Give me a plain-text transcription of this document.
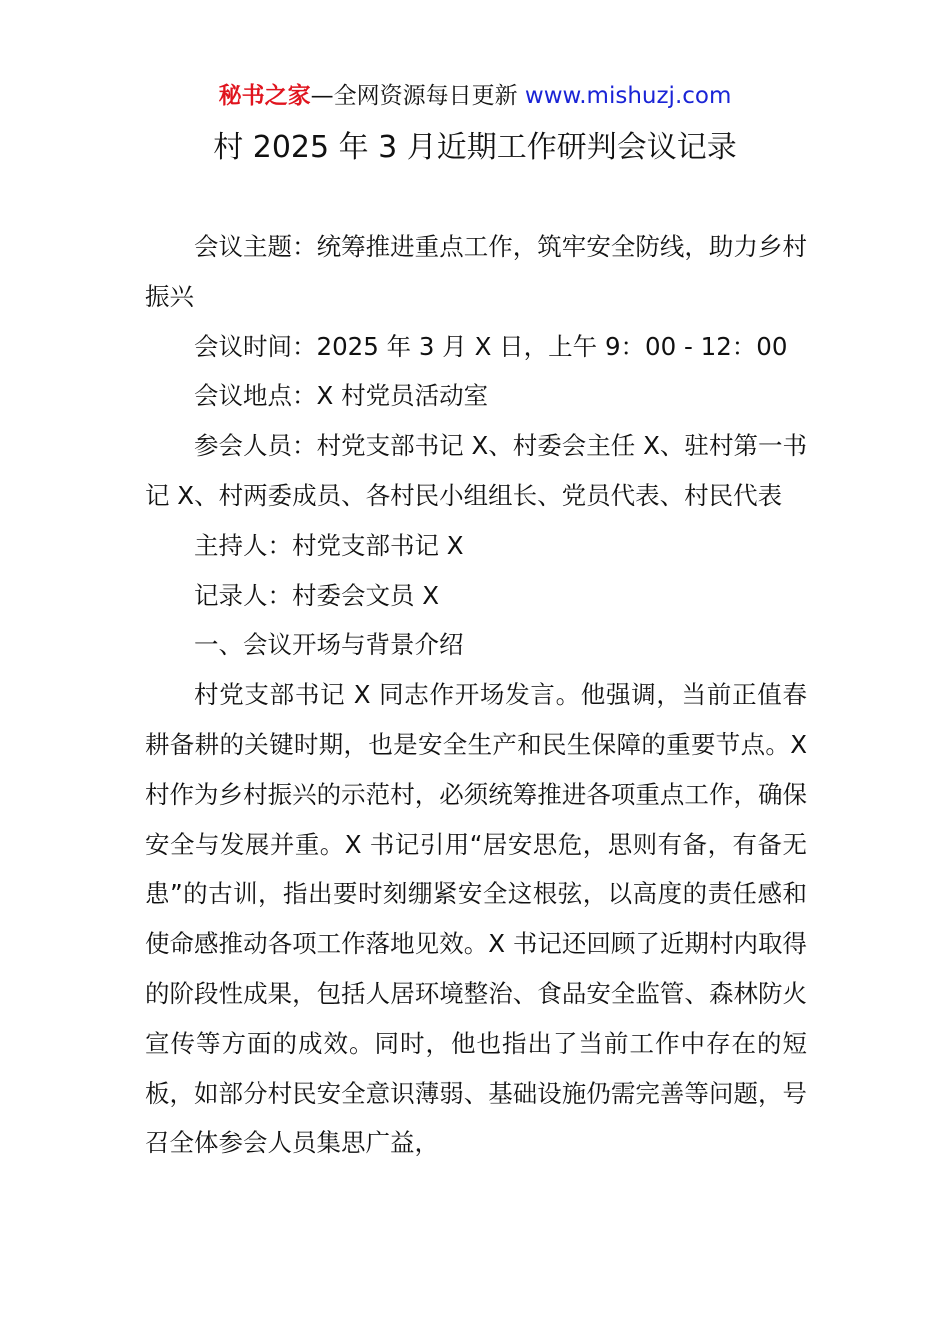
秘书之家—全网资源每日更新 www.mishuzj.com
村 2025 年 3 月近期工作研判会议记录

会议主题：统筹推进重点工作，筑牢安全防线，助力乡村振兴

会议时间：2025 年 3 月 X 日，上午 9：00 - 12：00

会议地点：X 村党员活动室

参会人员：村党支部书记 X、村委会主任 X、驻村第一书记 X、村两委成员、各村民小组组长、党员代表、村民代表

主持人：村党支部书记 X

记录人：村委会文员 X

一、会议开场与背景介绍

村党支部书记 X 同志作开场发言。他强调，当前正值春耕备耕的关键时期，也是安全生产和民生保障的重要节点。X 村作为乡村振兴的示范村，必须统筹推进各项重点工作，确保安全与发展并重。X 书记引用“居安思危，思则有备，有备无患”的古训，指出要时刻绷紧安全这根弦，以高度的责任感和使命感推动各项工作落地见效。X 书记还回顾了近期村内取得的阶段性成果，包括人居环境整治、食品安全监管、森林防火宣传等方面的成效。同时，他也指出了当前工作中存在的短板，如部分村民安全意识薄弱、基础设施仍需完善等问题，号召全体参会人员集思广益，
